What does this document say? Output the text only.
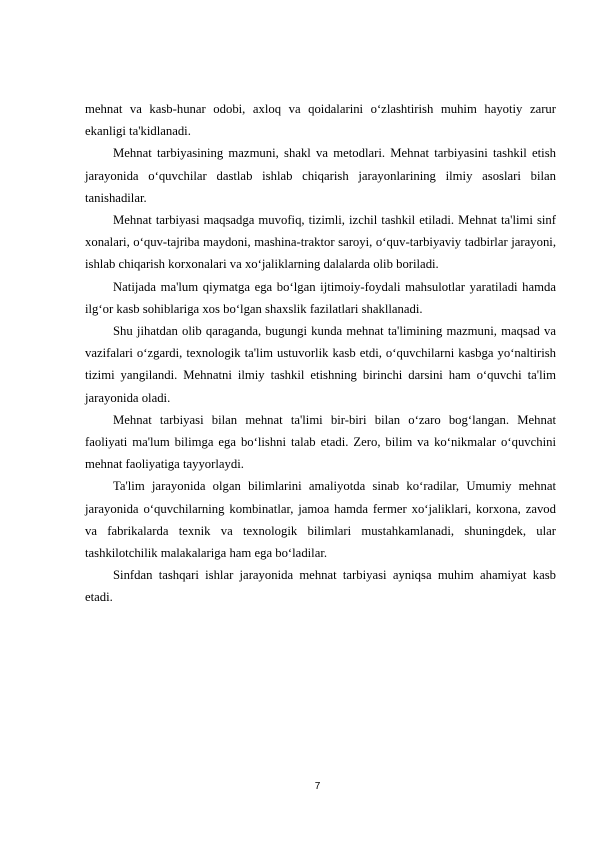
mehnat va kasb-hunar odobi, axloq va qoidalarini o‘zlashtirish muhim hayotiy zarur ekanligi ta'kidlanadi.

Mehnat tarbiyasining mazmuni, shakl va metodlari. Mehnat tarbiyasini tashkil etish jarayonida o‘quvchilar dastlab ishlab chiqarish jarayonlarining ilmiy asoslari bilan tanishadilar.

Mehnat tarbiyasi maqsadga muvofiq, tizimli, izchil tashkil etiladi. Mehnat ta'limi sinf xonalari, o‘quv-tajriba maydoni, mashina-traktor saroyi, o‘quv-tarbiyaviy tadbirlar jarayoni, ishlab chiqarish korxonalari va xo‘jaliklarning dalalarda olib boriladi.

Natijada ma'lum qiymatga ega bo‘lgan ijtimoiy-foydali mahsulotlar yaratiladi hamda ilg‘or kasb sohiblariga xos bo‘lgan shaxslik fazilatlari shakllanadi.

Shu jihatdan olib qaraganda, bugungi kunda mehnat ta'limining mazmuni, maqsad va vazifalari o‘zgardi, texnologik ta'lim ustuvorlik kasb etdi, o‘quvchilarni kasbga yo‘naltirish tizimi yangilandi. Mehnatni ilmiy tashkil etishning birinchi darsini ham o‘quvchi ta'lim jarayonida oladi.

Mehnat tarbiyasi bilan mehnat ta'limi bir-biri bilan o‘zaro bog‘langan. Mehnat faoliyati ma'lum bilimga ega bo‘lishni talab etadi. Zero, bilim va ko‘nikmalar o‘quvchini mehnat faoliyatiga tayyorlaydi.

Ta'lim jarayonida olgan bilimlarini amaliyotda sinab ko‘radilar, Umumiy mehnat jarayonida o‘quvchilarning kombinatlar, jamoa hamda fermer xo‘jaliklari, korxona, zavod va fabrikalarda texnik va texnologik bilimlari mustahkamlanadi, shuningdek, ular tashkilotchilik malakalariga ham ega bo‘ladilar.

Sinfdan tashqari ishlar jarayonida mehnat tarbiyasi ayniqsa muhim ahamiyat kasb etadi.

7
